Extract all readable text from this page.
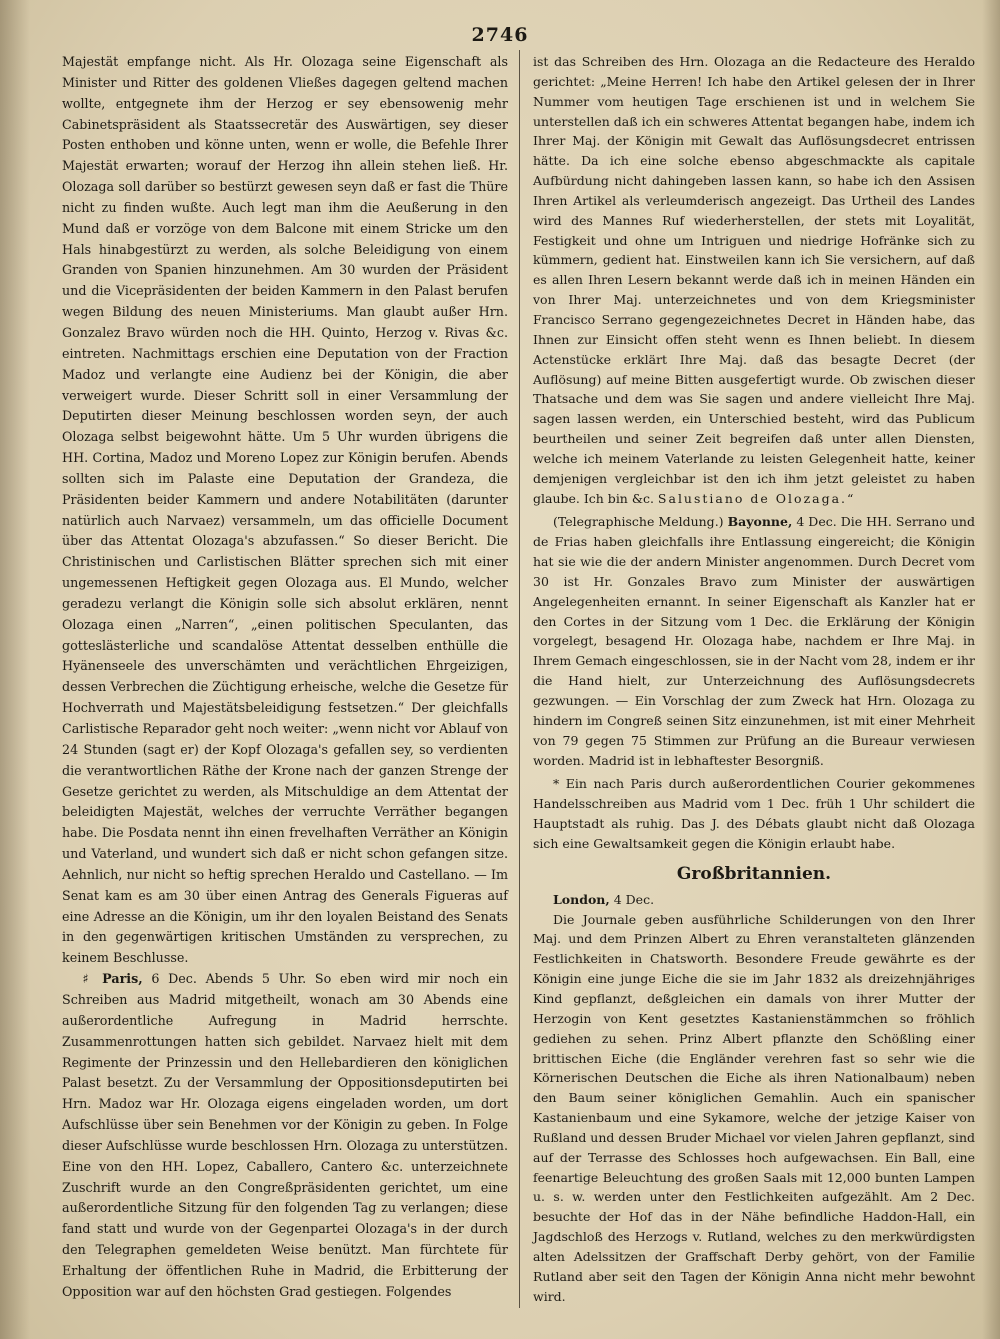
2746

Majestät empfange nicht. Als Hr. Olozaga seine Eigenschaft als Minister und Ritter des goldenen Vließes dagegen geltend machen wollte, entgegnete ihm der Herzog er sey ebensowenig mehr Cabinetspräsident als Staatssecretär des Auswärtigen, sey dieser Posten enthoben und könne unten, wenn er wolle, die Befehle Ihrer Majestät erwarten; worauf der Herzog ihn allein stehen ließ. Hr. Olozaga soll darüber so bestürzt gewesen seyn daß er fast die Thüre nicht zu finden wußte. Auch legt man ihm die Aeußerung in den Mund daß er vorzöge von dem Balcone mit einem Stricke um den Hals hinabgestürzt zu werden, als solche Beleidigung von einem Granden von Spanien hinzunehmen. Am 30 wurden der Präsident und die Vicepräsidenten der beiden Kammern in den Palast berufen wegen Bildung des neuen Ministeriums. Man glaubt außer Hrn. Gonzalez Bravo würden noch die HH. Quinto, Herzog v. Rivas &c. eintreten. Nachmittags erschien eine Deputation von der Fraction Madoz und verlangte eine Audienz bei der Königin, die aber verweigert wurde. Dieser Schritt soll in einer Versammlung der Deputirten dieser Meinung beschlossen worden seyn, der auch Olozaga selbst beigewohnt hätte. Um 5 Uhr wurden übrigens die HH. Cortina, Madoz und Moreno Lopez zur Königin berufen. Abends sollten sich im Palaste eine Deputation der Grandeza, die Präsidenten beider Kammern und andere Notabilitäten (darunter natürlich auch Narvaez) versammeln, um das officielle Document über das Attentat Olozaga's abzufassen.“ So dieser Bericht. Die Christinischen und Carlistischen Blätter sprechen sich mit einer ungemessenen Heftigkeit gegen Olozaga aus. El Mundo, welcher geradezu verlangt die Königin solle sich absolut erklären, nennt Olozaga einen „Narren“, „einen politischen Speculanten, das gotteslästerliche und scandalöse Attentat desselben enthülle die Hyänenseele des unverschämten und verächtlichen Ehrgeizigen, dessen Verbrechen die Züchtigung erheische, welche die Gesetze für Hochverrath und Majestätsbeleidigung festsetzen.“ Der gleichfalls Carlistische Reparador geht noch weiter: „wenn nicht vor Ablauf von 24 Stunden (sagt er) der Kopf Olozaga's gefallen sey, so verdienten die verantwortlichen Räthe der Krone nach der ganzen Strenge der Gesetze gerichtet zu werden, als Mitschuldige an dem Attentat der beleidigten Majestät, welches der verruchte Verräther begangen habe. Die Posdata nennt ihn einen frevelhaften Verräther an Königin und Vaterland, und wundert sich daß er nicht schon gefangen sitze. Aehnlich, nur nicht so heftig sprechen Heraldo und Castellano. — Im Senat kam es am 30 über einen Antrag des Generals Figueras auf eine Adresse an die Königin, um ihr den loyalen Beistand des Senats in den gegenwärtigen kritischen Umständen zu versprechen, zu keinem Beschlusse.

♯ Paris, 6 Dec. Abends 5 Uhr. So eben wird mir noch ein Schreiben aus Madrid mitgetheilt, wonach am 30 Abends eine außerordentliche Aufregung in Madrid herrschte. Zusammenrottungen hatten sich gebildet. Narvaez hielt mit dem Regimente der Prinzessin und den Hellebardieren den königlichen Palast besetzt. Zu der Versammlung der Oppositionsdeputirten bei Hrn. Madoz war Hr. Olozaga eigens eingeladen worden, um dort Aufschlüsse über sein Benehmen vor der Königin zu geben. In Folge dieser Aufschlüsse wurde beschlossen Hrn. Olozaga zu unterstützen. Eine von den HH. Lopez, Caballero, Cantero &c. unterzeichnete Zuschrift wurde an den Congreßpräsidenten gerichtet, um eine außerordentliche Sitzung für den folgenden Tag zu verlangen; diese fand statt und wurde von der Gegenpartei Olozaga's in der durch den Telegraphen gemeldeten Weise benützt. Man fürchtete für Erhaltung der öffentlichen Ruhe in Madrid, die Erbitterung der Opposition war auf den höchsten Grad gestiegen. Folgendes

ist das Schreiben des Hrn. Olozaga an die Redacteure des Heraldo gerichtet: „Meine Herren! Ich habe den Artikel gelesen der in Ihrer Nummer vom heutigen Tage erschienen ist und in welchem Sie unterstellen daß ich ein schweres Attentat begangen habe, indem ich Ihrer Maj. der Königin mit Gewalt das Auflösungsdecret entrissen hätte. Da ich eine solche ebenso abgeschmackte als capitale Aufbürdung nicht dahingeben lassen kann, so habe ich den Assisen Ihren Artikel als verleumderisch angezeigt. Das Urtheil des Landes wird des Mannes Ruf wiederherstellen, der stets mit Loyalität, Festigkeit und ohne um Intriguen und niedrige Hofränke sich zu kümmern, gedient hat. Einstweilen kann ich Sie versichern, auf daß es allen Ihren Lesern bekannt werde daß ich in meinen Händen ein von Ihrer Maj. unterzeichnetes und von dem Kriegsminister Francisco Serrano gegengezeichnetes Decret in Händen habe, das Ihnen zur Einsicht offen steht wenn es Ihnen beliebt. In diesem Actenstücke erklärt Ihre Maj. daß das besagte Decret (der Auflösung) auf meine Bitten ausgefertigt wurde. Ob zwischen dieser Thatsache und dem was Sie sagen und andere vielleicht Ihre Maj. sagen lassen werden, ein Unterschied besteht, wird das Publicum beurtheilen und seiner Zeit begreifen daß unter allen Diensten, welche ich meinem Vaterlande zu leisten Gelegenheit hatte, keiner demjenigen vergleichbar ist den ich ihm jetzt geleistet zu haben glaube. Ich bin &c. Salustiano de Olozaga.“

(Telegraphische Meldung.) Bayonne, 4 Dec. Die HH. Serrano und de Frias haben gleichfalls ihre Entlassung eingereicht; die Königin hat sie wie die der andern Minister angenommen. Durch Decret vom 30 ist Hr. Gonzales Bravo zum Minister der auswärtigen Angelegenheiten ernannt. In seiner Eigenschaft als Kanzler hat er den Cortes in der Sitzung vom 1 Dec. die Erklärung der Königin vorgelegt, besagend Hr. Olozaga habe, nachdem er Ihre Maj. in Ihrem Gemach eingeschlossen, sie in der Nacht vom 28, indem er ihr die Hand hielt, zur Unterzeichnung des Auflösungsdecrets gezwungen. — Ein Vorschlag der zum Zweck hat Hrn. Olozaga zu hindern im Congreß seinen Sitz einzunehmen, ist mit einer Mehrheit von 79 gegen 75 Stimmen zur Prüfung an die Bureaur verwiesen worden. Madrid ist in lebhaftester Besorgniß.

* Ein nach Paris durch außerordentlichen Courier gekommenes Handelsschreiben aus Madrid vom 1 Dec. früh 1 Uhr schildert die Hauptstadt als ruhig. Das J. des Débats glaubt nicht daß Olozaga sich eine Gewaltsamkeit gegen die Königin erlaubt habe.

Großbritannien.

London, 4 Dec.

Die Journale geben ausführliche Schilderungen von den Ihrer Maj. und dem Prinzen Albert zu Ehren veranstalteten glänzenden Festlichkeiten in Chatsworth. Besondere Freude gewährte es der Königin eine junge Eiche die sie im Jahr 1832 als dreizehnjähriges Kind gepflanzt, deßgleichen ein damals von ihrer Mutter der Herzogin von Kent gesetztes Kastanienstämmchen so fröhlich gediehen zu sehen. Prinz Albert pflanzte den Schößling einer brittischen Eiche (die Engländer verehren fast so sehr wie die Körnerischen Deutschen die Eiche als ihren Nationalbaum) neben den Baum seiner königlichen Gemahlin. Auch ein spanischer Kastanienbaum und eine Sykamore, welche der jetzige Kaiser von Rußland und dessen Bruder Michael vor vielen Jahren gepflanzt, sind auf der Terrasse des Schlosses hoch aufgewachsen. Ein Ball, eine feenartige Beleuchtung des großen Saals mit 12,000 bunten Lampen u. s. w. werden unter den Festlichkeiten aufgezählt. Am 2 Dec. besuchte der Hof das in der Nähe befindliche Haddon-Hall, ein Jagdschloß des Herzogs v. Rutland, welches zu den merkwürdigsten alten Adelssitzen der Graffschaft Derby gehört, von der Familie Rutland aber seit den Tagen der Königin Anna nicht mehr bewohnt wird.
